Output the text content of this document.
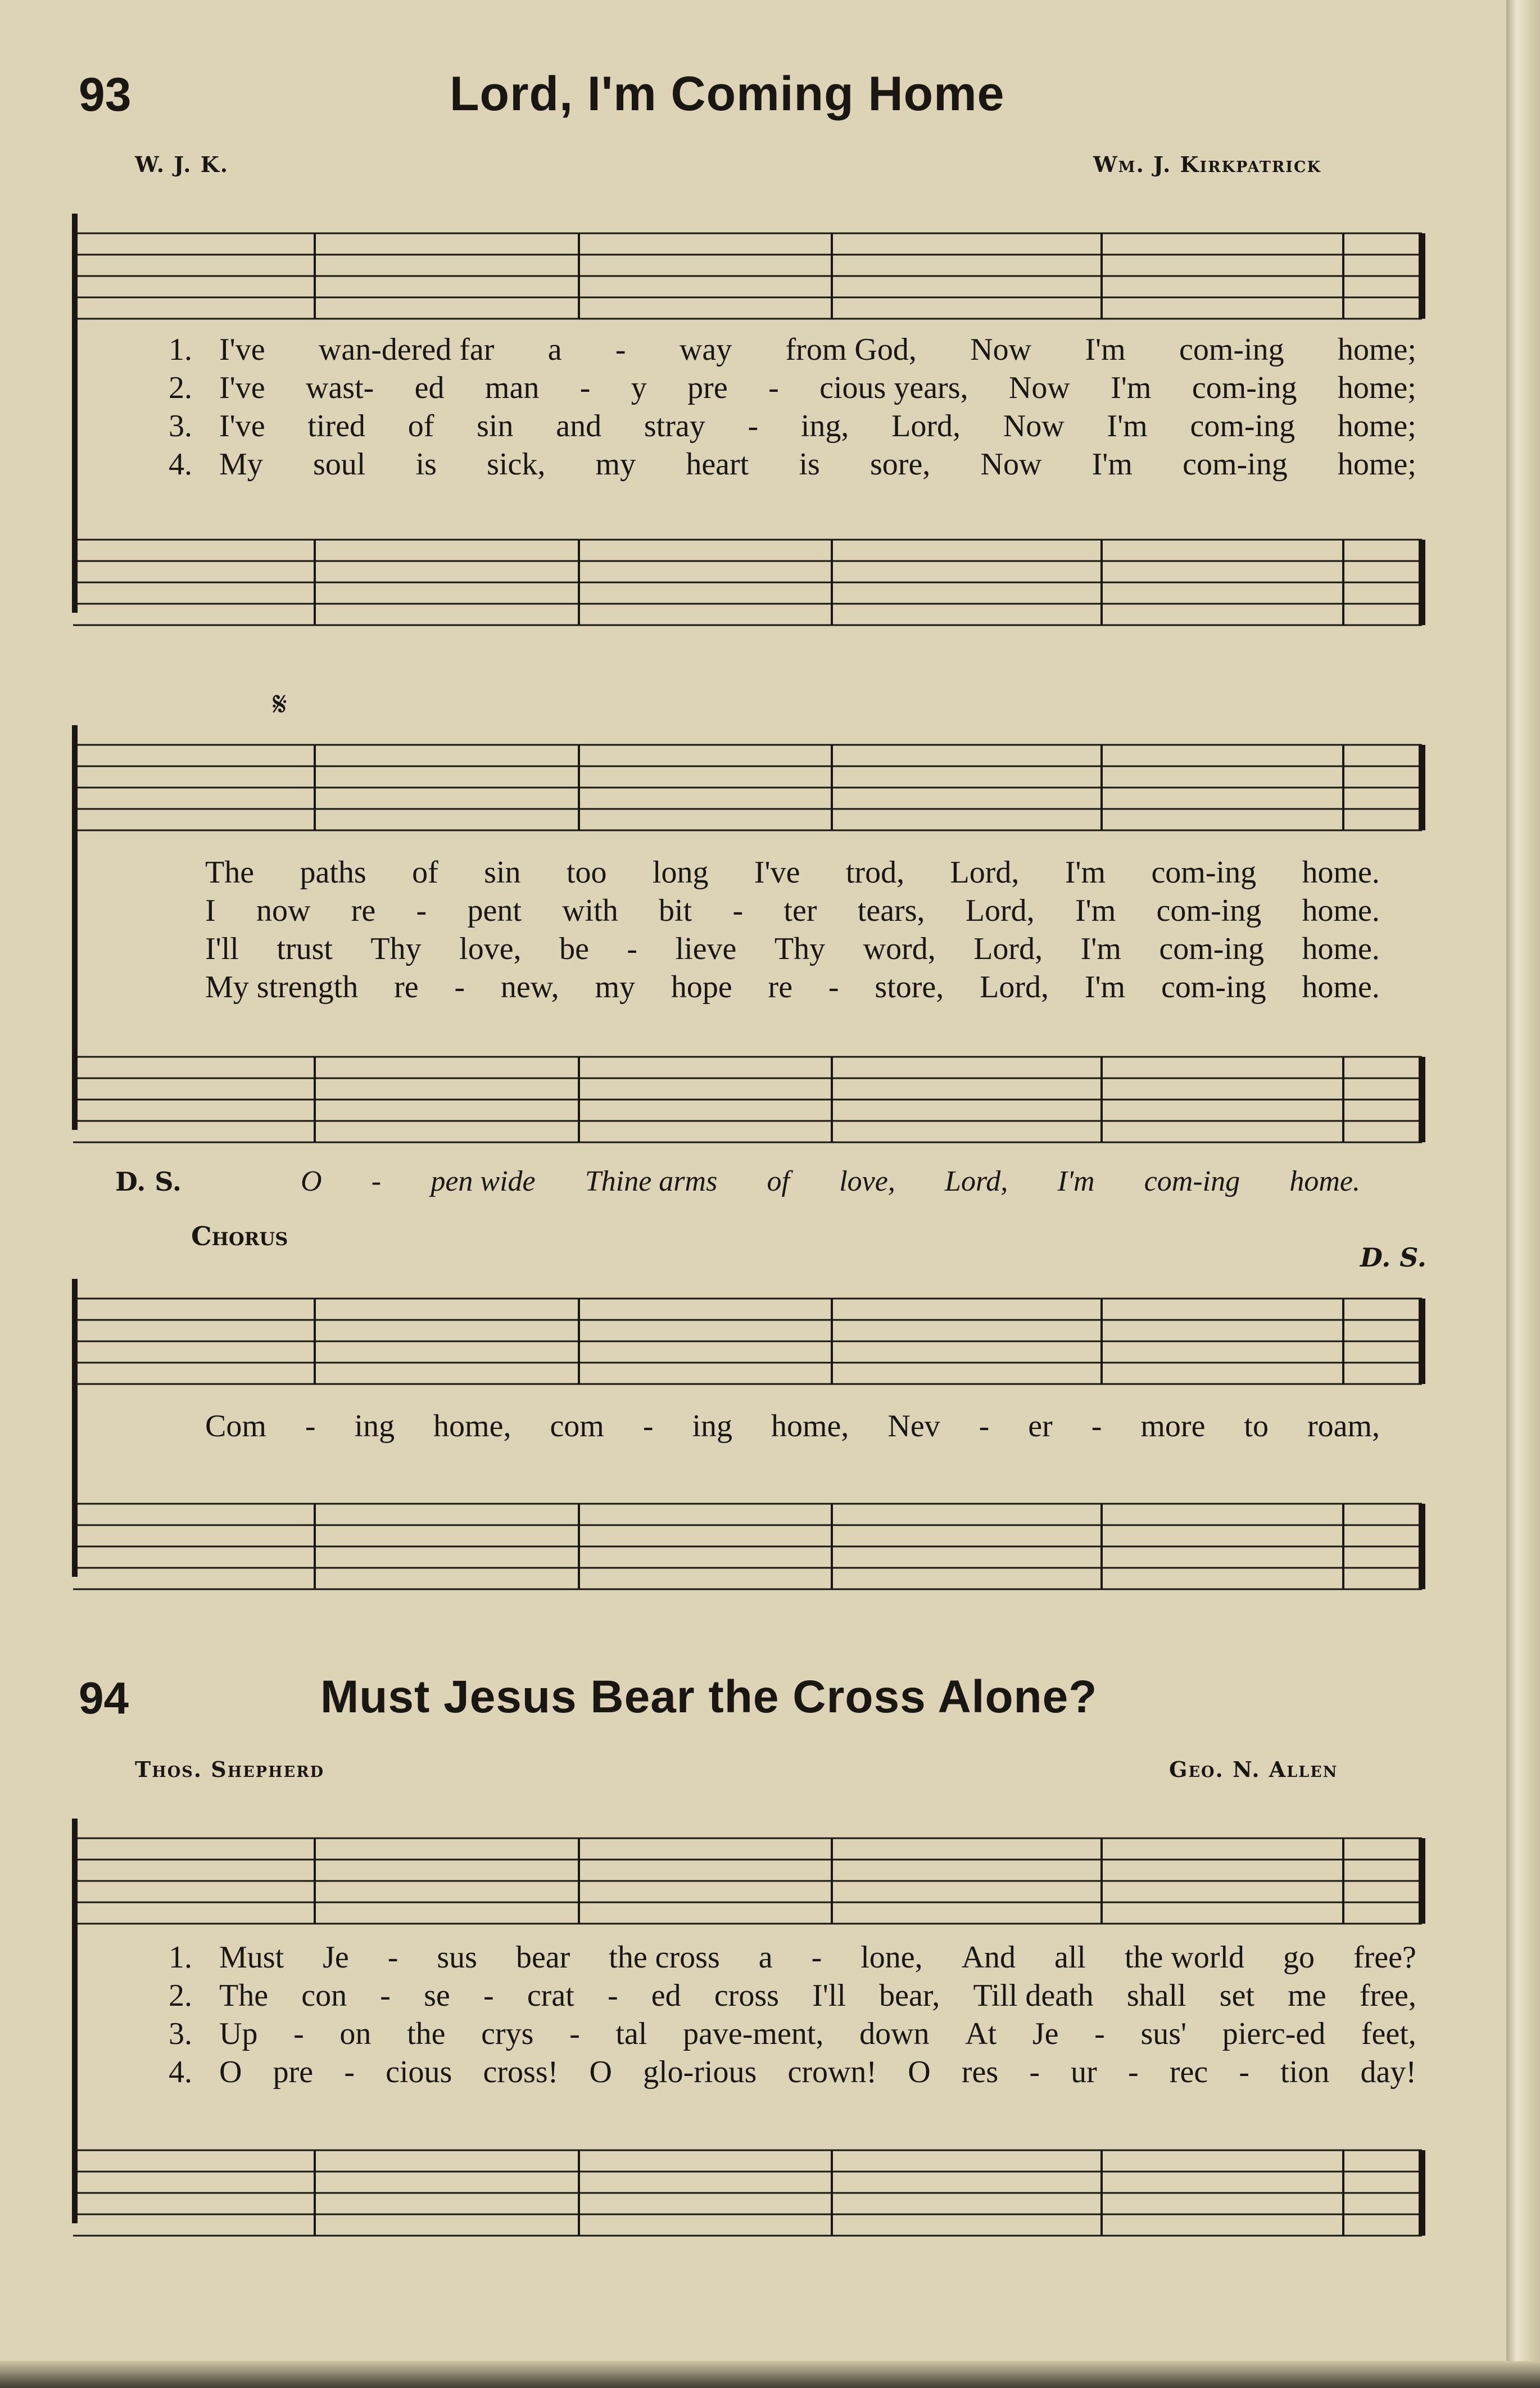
93	Lord, I'm Coming Home
W. J. K.	Wm. J. Kirkpatrick
1. I've wan-dered far a - way from God, Now I'm com-ing home;
2. I've wast- ed man - y pre - cious years, Now I'm com-ing home;
3. I've tired of sin and stray - ing, Lord, Now I'm com-ing home;
4. My soul is sick, my heart is sore, Now I'm com-ing home;
𝄋
The paths of sin too long I've trod, Lord, I'm com-ing home.
I now re - pent with bit - ter tears, Lord, I'm com-ing home.
I'll trust Thy love, be - lieve Thy word, Lord, I'm com-ing home.
My strength re - new, my hope re - store, Lord, I'm com-ing home.
D. S.	O - pen wide Thine arms of love, Lord, I'm com-ing home.
Chorus
D. S.
Com - ing home, com - ing home, Nev - er - more to roam,
94	Must Jesus Bear the Cross Alone?
Thos. Shepherd	Geo. N. Allen
1. Must Je - sus bear the cross a - lone, And all the world go free?
2. The con - se - crat - ed cross I'll bear, Till death shall set me free,
3. Up - on the crys - tal pave-ment, down At Je - sus' pierc-ed feet,
4. O pre - cious cross! O glo-rious crown! O res - ur - rec - tion day!
